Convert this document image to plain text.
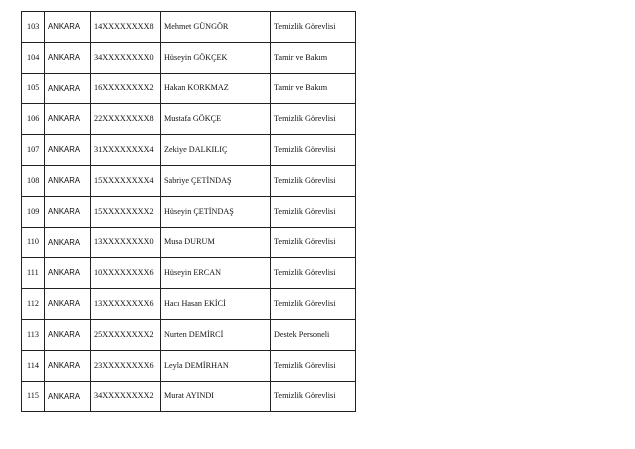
103	ANKARA	14XXXXXXXX8	Mehmet GÜNGÖR	Temizlik Görevlisi
104	ANKARA	34XXXXXXXX0	Hüseyin GÖKÇEK	Tamir ve Bakım
105	ANKARA	16XXXXXXXX2	Hakan KORKMAZ	Tamir ve Bakım
106	ANKARA	22XXXXXXXX8	Mustafa GÖKÇE	Temizlik Görevlisi
107	ANKARA	31XXXXXXXX4	Zekiye DALKILIÇ	Temizlik Görevlisi
108	ANKARA	15XXXXXXXX4	Sabriye ÇETİNDAŞ	Temizlik Görevlisi
109	ANKARA	15XXXXXXXX2	Hüseyin ÇETİNDAŞ	Temizlik Görevlisi
110	ANKARA	13XXXXXXXX0	Musa DURUM	Temizlik Görevlisi
111	ANKARA	10XXXXXXXX6	Hüseyin ERCAN	Temizlik Görevlisi
112	ANKARA	13XXXXXXXX6	Hacı Hasan EKİCİ	Temizlik Görevlisi
113	ANKARA	25XXXXXXXX2	Nurten DEMİRCİ	Destek Personeli
114	ANKARA	23XXXXXXXX6	Leyla DEMİRHAN	Temizlik Görevlisi
115	ANKARA	34XXXXXXXX2	Murat AYINDI	Temizlik Görevlisi
